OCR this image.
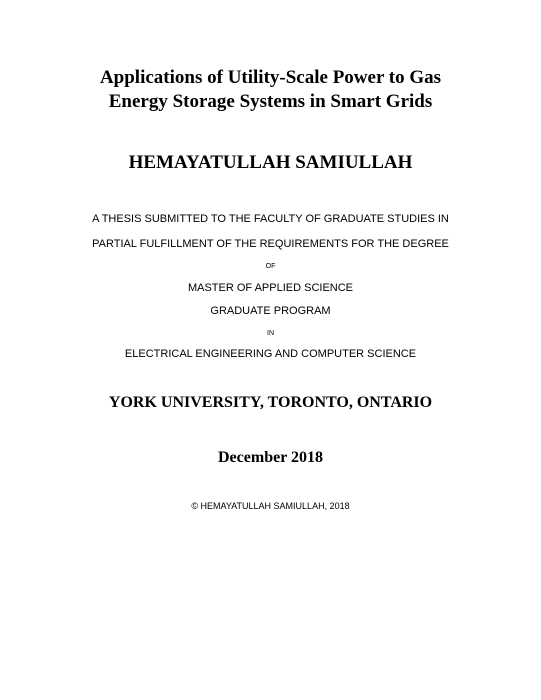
Applications of Utility-Scale Power to Gas
Energy Storage Systems in Smart Grids
HEMAYATULLAH SAMIULLAH
A THESIS SUBMITTED TO THE FACULTY OF GRADUATE STUDIES IN
PARTIAL FULFILLMENT OF THE REQUIREMENTS FOR THE DEGREE
OF
MASTER OF APPLIED SCIENCE
GRADUATE PROGRAM
IN
ELECTRICAL ENGINEERING AND COMPUTER SCIENCE
YORK UNIVERSITY, TORONTO, ONTARIO
December 2018
© HEMAYATULLAH SAMIULLAH, 2018
